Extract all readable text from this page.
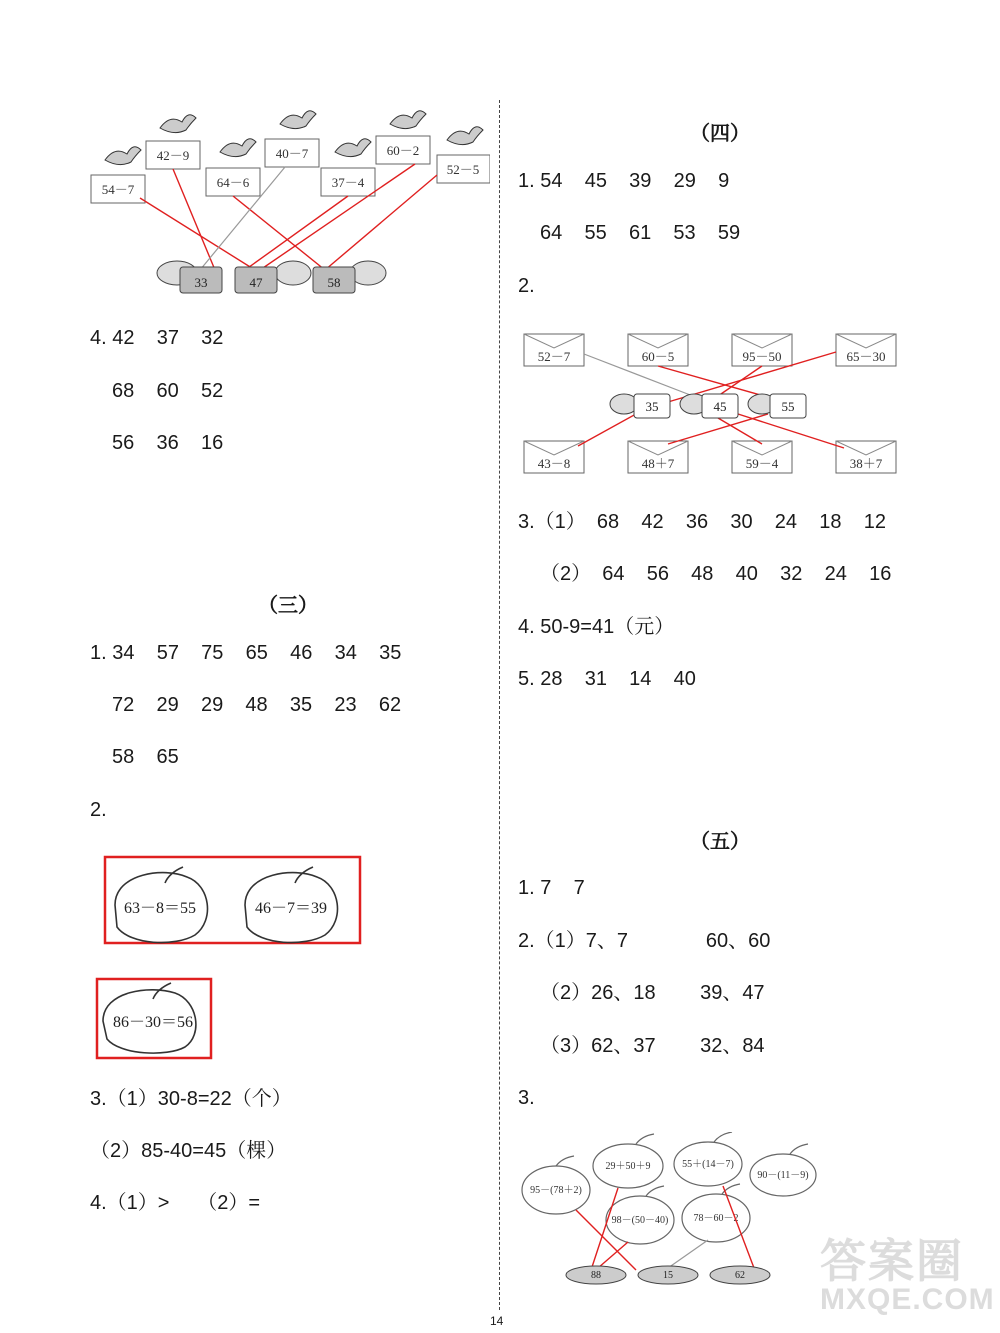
54－7
42－9
64－6
40－7
37－4
60－2
52－5
33	47	58
4. 42    37    32
68    60    52
56    36    16
（三）
1. 34    57    75    65    46    34    35
72    29    29    48    35    23    62
58    65
2.
63－8＝55	46－7＝39
86－30＝56
3.（1）30-8=22（个）
（2）85-40=45（棵）
4.（1）>     （2）=
（四）
1. 54    45    39    29    9
64    55    61    53    59
2.
52－7	60－5	95－50	65－30
43－8	48＋7	59－4	38＋7
35	45	55
3.（1）  68    42    36    30    24    18    12
（2）  64    56    48    40    32    24    16
4. 50-9=41（元）
5. 28    31    14    40
（五）
1. 7    7
2.（1）7、7              60、60
（2）26、18        39、47
（3）62、37        32、84
3.
95－(78＋2)
29＋50＋9	55＋(14－7)
90－(11－9)
98－(50－40)	78－60－2
88	15	62 答案圈
MXQE.COM
14
